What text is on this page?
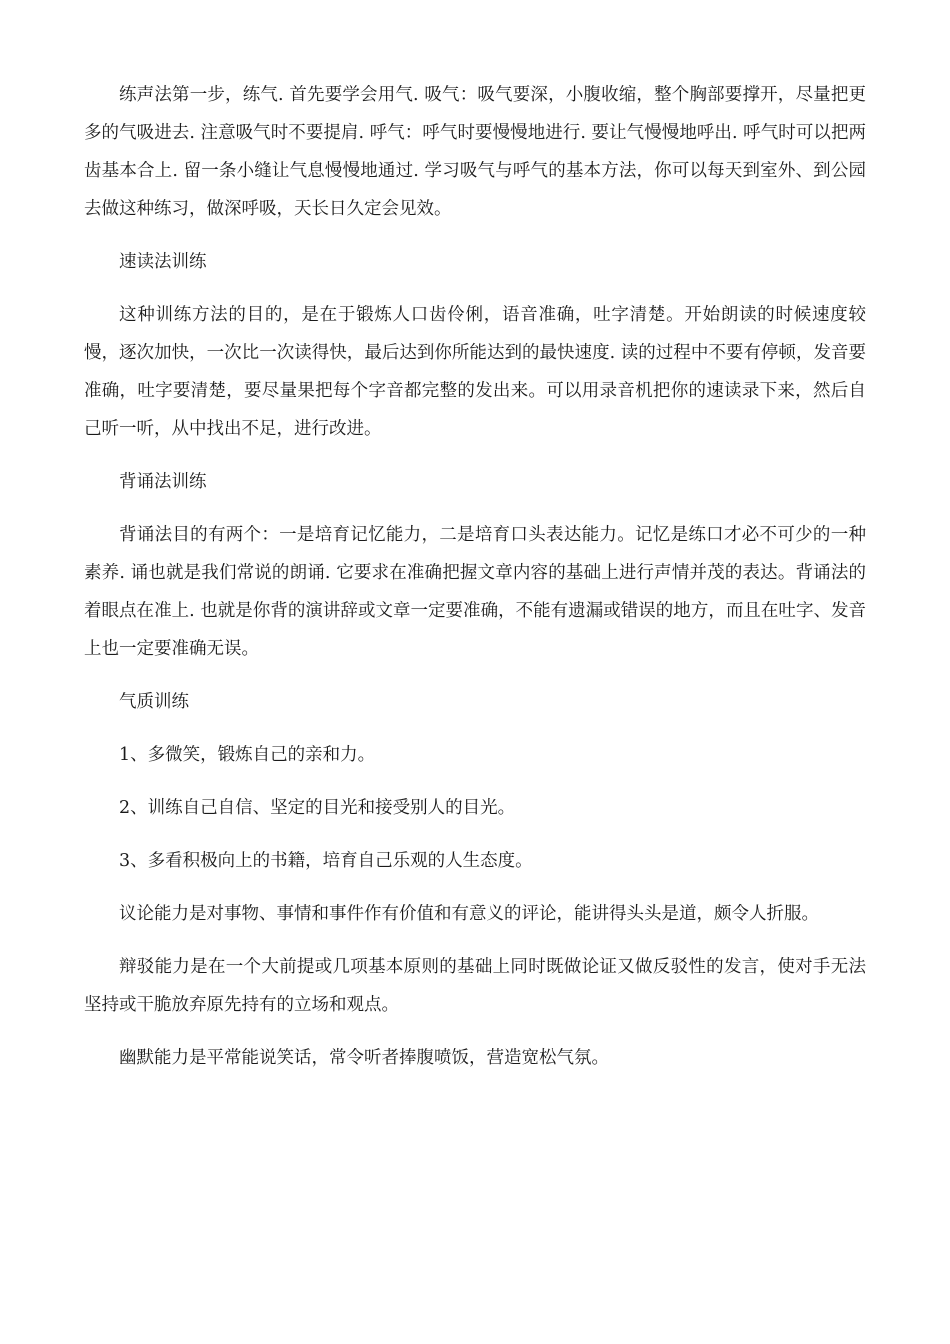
练声法第一步，练气. 首先要学会用气. 吸气：吸气要深，小腹收缩，整个胸部要撑开，尽量把更多的气吸进去. 注意吸气时不要提肩. 呼气：呼气时要慢慢地进行. 要让气慢慢地呼出. 呼气时可以把两齿基本合上. 留一条小缝让气息慢慢地通过. 学习吸气与呼气的基本方法，你可以每天到室外、到公园去做这种练习，做深呼吸，天长日久定会见效。

速读法训练

这种训练方法的目的，是在于锻炼人口齿伶俐，语音准确，吐字清楚。开始朗读的时候速度较慢，逐次加快，一次比一次读得快，最后达到你所能达到的最快速度. 读的过程中不要有停顿，发音要准确，吐字要清楚，要尽量果把每个字音都完整的发出来。可以用录音机把你的速读录下来，然后自己听一听，从中找出不足，进行改进。

背诵法训练

背诵法目的有两个：一是培育记忆能力，二是培育口头表达能力。记忆是练口才必不可少的一种素养. 诵也就是我们常说的朗诵. 它要求在准确把握文章内容的基础上进行声情并茂的表达。背诵法的着眼点在准上. 也就是你背的演讲辞或文章一定要准确，不能有遗漏或错误的地方，而且在吐字、发音上也一定要准确无误。

气质训练

1、多微笑，锻炼自己的亲和力。

2、训练自己自信、坚定的目光和接受别人的目光。

3、多看积极向上的书籍，培育自己乐观的人生态度。

议论能力是对事物、事情和事件作有价值和有意义的评论，能讲得头头是道，颇令人折服。

辩驳能力是在一个大前提或几项基本原则的基础上同时既做论证又做反驳性的发言，使对手无法坚持或干脆放弃原先持有的立场和观点。

幽默能力是平常能说笑话，常令听者捧腹喷饭，营造宽松气氛。
